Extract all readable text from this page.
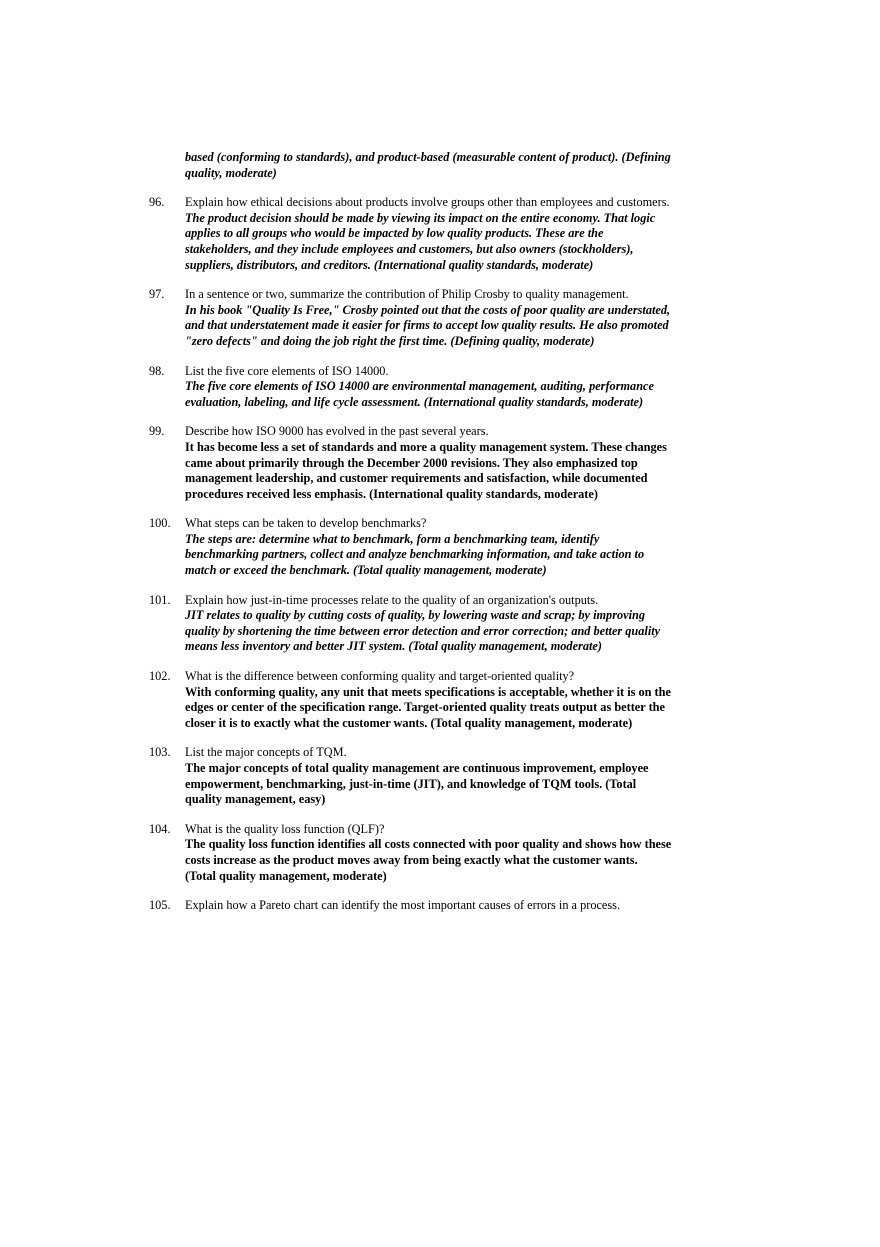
based (conforming to standards), and product-based (measurable content of product). (Defining
quality, moderate)
96. Explain how ethical decisions about products involve groups other than employees and customers.
The product decision should be made by viewing its impact on the entire economy. That logic
applies to all groups who would be impacted by low quality products. These are the
stakeholders, and they include employees and customers, but also owners (stockholders),
suppliers, distributors, and creditors. (International quality standards, moderate)
97. In a sentence or two, summarize the contribution of Philip Crosby to quality management.
In his book "Quality Is Free," Crosby pointed out that the costs of poor quality are understated,
and that understatement made it easier for firms to accept low quality results. He also promoted
"zero defects" and doing the job right the first time. (Defining quality, moderate)
98. List the five core elements of ISO 14000.
The five core elements of ISO 14000 are environmental management, auditing, performance
evaluation, labeling, and life cycle assessment. (International quality standards, moderate)
99. Describe how ISO 9000 has evolved in the past several years.
It has become less a set of standards and more a quality management system. These changes
came about primarily through the December 2000 revisions. They also emphasized top
management leadership, and customer requirements and satisfaction, while documented
procedures received less emphasis. (International quality standards, moderate)
100. What steps can be taken to develop benchmarks?
The steps are: determine what to benchmark, form a benchmarking team, identify
benchmarking partners, collect and analyze benchmarking information, and take action to
match or exceed the benchmark. (Total quality management, moderate)
101. Explain how just-in-time processes relate to the quality of an organization's outputs.
JIT relates to quality by cutting costs of quality, by lowering waste and scrap; by improving
quality by shortening the time between error detection and error correction; and better quality
means less inventory and better JIT system. (Total quality management, moderate)
102. What is the difference between conforming quality and target-oriented quality?
With conforming quality, any unit that meets specifications is acceptable, whether it is on the
edges or center of the specification range. Target-oriented quality treats output as better the
closer it is to exactly what the customer wants. (Total quality management, moderate)
103. List the major concepts of TQM.
The major concepts of total quality management are continuous improvement, employee
empowerment, benchmarking, just-in-time (JIT), and knowledge of TQM tools. (Total
quality management, easy)
104. What is the quality loss function (QLF)?
The quality loss function identifies all costs connected with poor quality and shows how these
costs increase as the product moves away from being exactly what the customer wants.
(Total quality management, moderate)
105. Explain how a Pareto chart can identify the most important causes of errors in a process.
